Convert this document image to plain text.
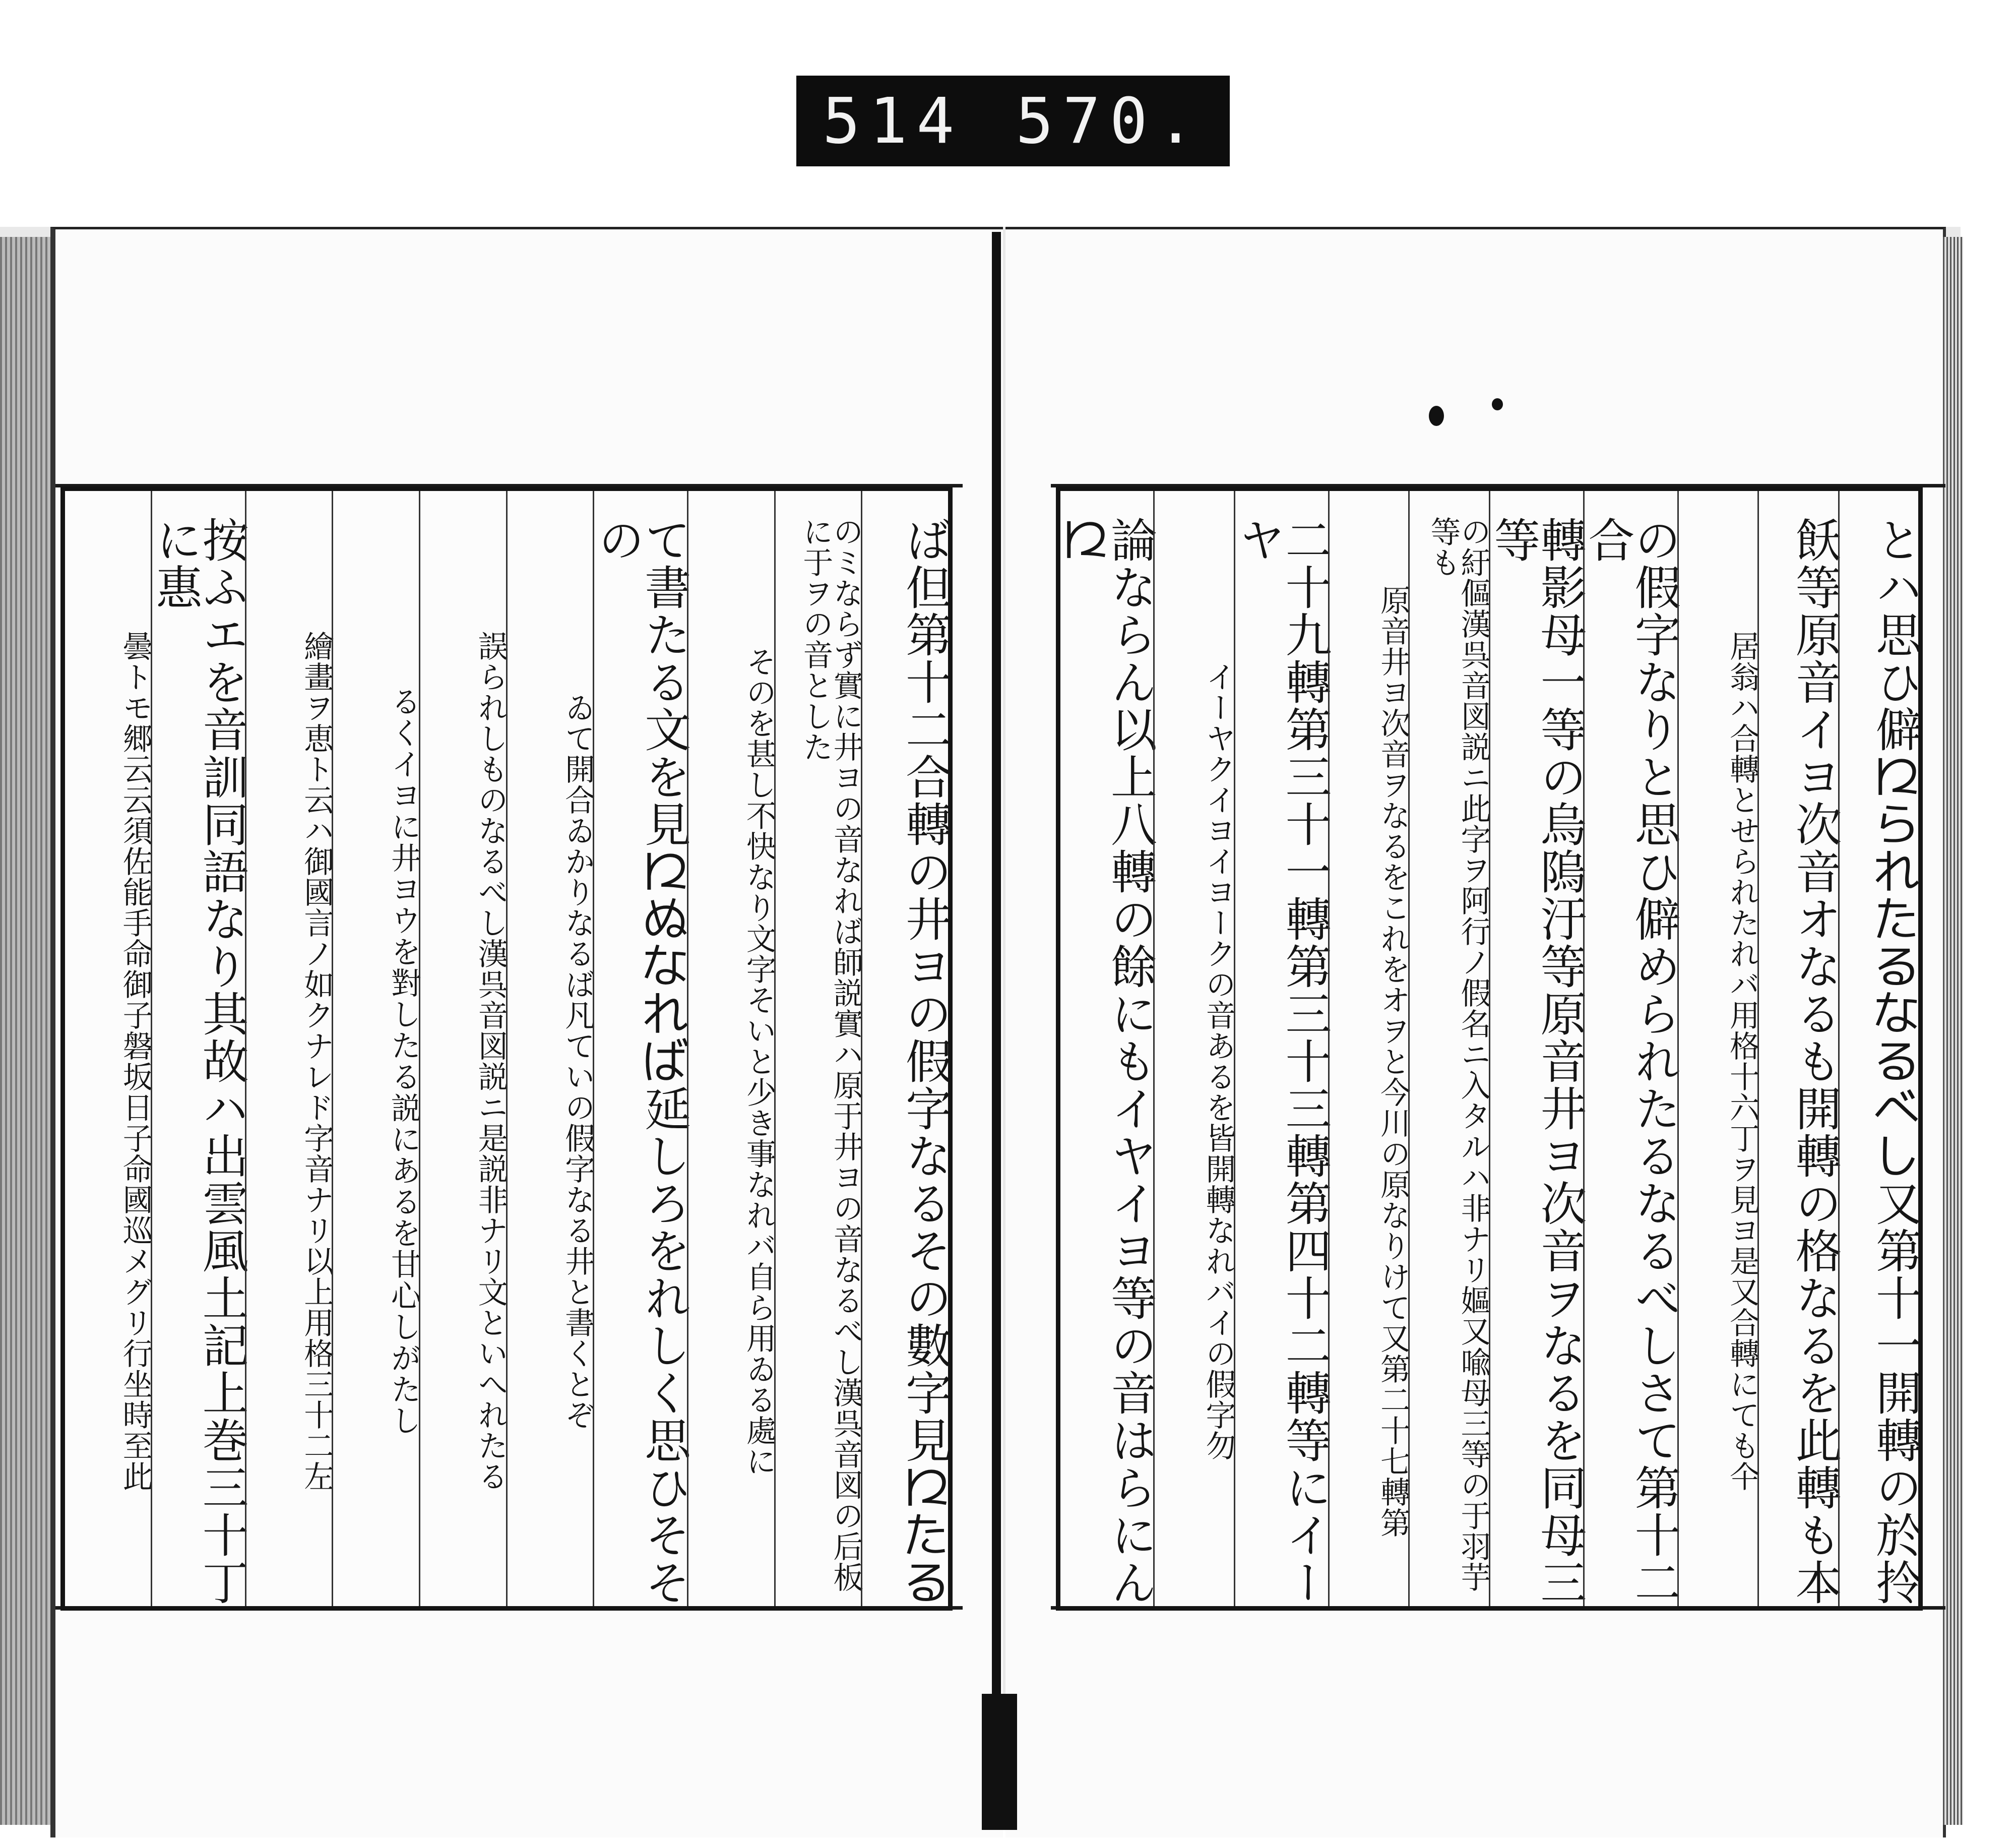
514 570.
とハ思ひ僻𛀁られたるなるべし又第十一開轉の於拎
飫等原音イヨ次音オなるも開轉の格なるを此轉も本
居翁ハ合轉とせられたれバ用格十六丁ヲ見ヨ是又合轉にても仐
の假字なりと思ひ僻められたるなるべしさて第十二合
轉影母一等の烏隖汙等原音井ヨ次音ヲなるを同母三等
の紆傴漢呉音図説ニ此字ヲ阿行ノ假名ニ入タルハ非ナリ嫗又喩母三等の于羽芋等も
原音井ヨ次音ヲなるをこれをオヲと今川の原なりけて又第二十七轉第
二十九轉第三十一轉第三十三轉第四十二轉等にイーヤ
イーヤクイヨイヨークの音あるを皆開轉なれバイの假字勿
論ならん以上八轉の餘にもイヤイヨ等の音はらにん𛀁
ば但第十二合轉の井ヨの假字なるその數字見𛀁たる
のミならず實に井ヨの音なれば師説實ハ原于井ヨの音なるべし漢呉音図の后板に于ヲの音とした
そのを甚し不快なり文字そいと少き事なれバ自ら用ゐる處に
て書たる文を見𛀁ぬなれば延しろをれしく思ひそその
ゐて開合ゐかりなるば凡ていの假字なる井と書くとぞ
誤られしものなるべし漢呉音図説ニ是説非ナリ文といへれたる
るくイヨに井ヨウを對したる説にあるを甘心しがたし
繪畫ヲ恵ト云ハ御國言ノ如クナレド字音ナリ以上用格三十二左
按ふエを音訓同語なり其故ハ出雲風土記上巻三十丁に惠
曇トモ郷云云須佐能手命御子磐坂日子命國巡メグリ行坐時至此
